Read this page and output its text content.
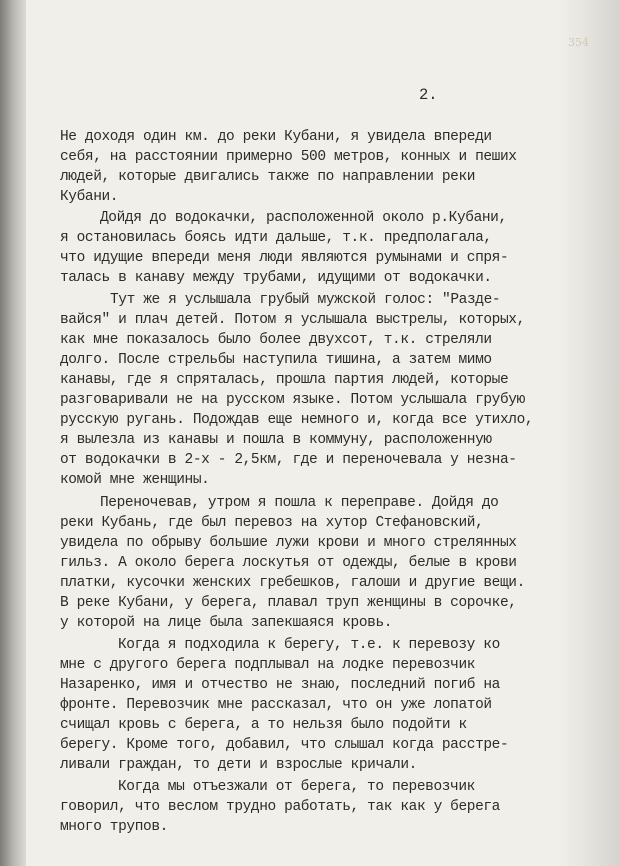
354
2.
Не доходя один км. до реки Кубани, я увидела впереди
себя, на расстоянии примерно 500 метров, конных и пеших
людей, которые двигались также по направлении реки
Кубани.
Дойдя до водокачки, расположенной около р.Кубани,
я остановилась боясь идти дальше, т.к. предполагала,
что идущие впереди меня люди являются румынами и спря-
талась в канаву между трубами, идущими от водокачки.
Тут же я услышала грубый мужской голос: "Разде-
вайся" и плач детей. Потом я услышала выстрелы, которых,
как мне показалось было более двухсот, т.к. стреляли
долго. После стрельбы наступила тишина, а затем мимо
канавы, где я спряталась, прошла партия людей, которые
разговаривали не на русском языке. Потом услышала грубую
русскую ругань. Подождав еще немного и, когда все утихло,
я вылезла из канавы и пошла в коммуну, расположенную
от водокачки в 2-х - 2,5км, где и переночевала у незна-
комой мне женщины.
Переночевав, утром я пошла к переправе. Дойдя до
реки Кубань, где был перевоз на хутор Стефановский,
увидела по обрыву большие лужи крови и много стрелянных
гильз. А около берега лоскутья от одежды, белые в крови
платки, кусочки женских гребешков, галоши и другие вещи.
В реке Кубани, у берега, плавал труп женщины в сорочке,
у которой на лице была запекшаяся кровь.
Когда я подходила к берегу, т.е. к перевозу ко
мне с другого берега подплывал на лодке перевозчик
Назаренко, имя и отчество не знаю, последний погиб на
фронте. Перевозчик мне рассказал, что он уже лопатой
счищал кровь с берега, а то нельзя было подойти к
берегу. Кроме того, добавил, что слышал когда расстре-
ливали граждан, то дети и взрослые кричали.
Когда мы отъезжали от берега, то перевозчик
говорил, что веслом трудно работать, так как у берега
много трупов.
